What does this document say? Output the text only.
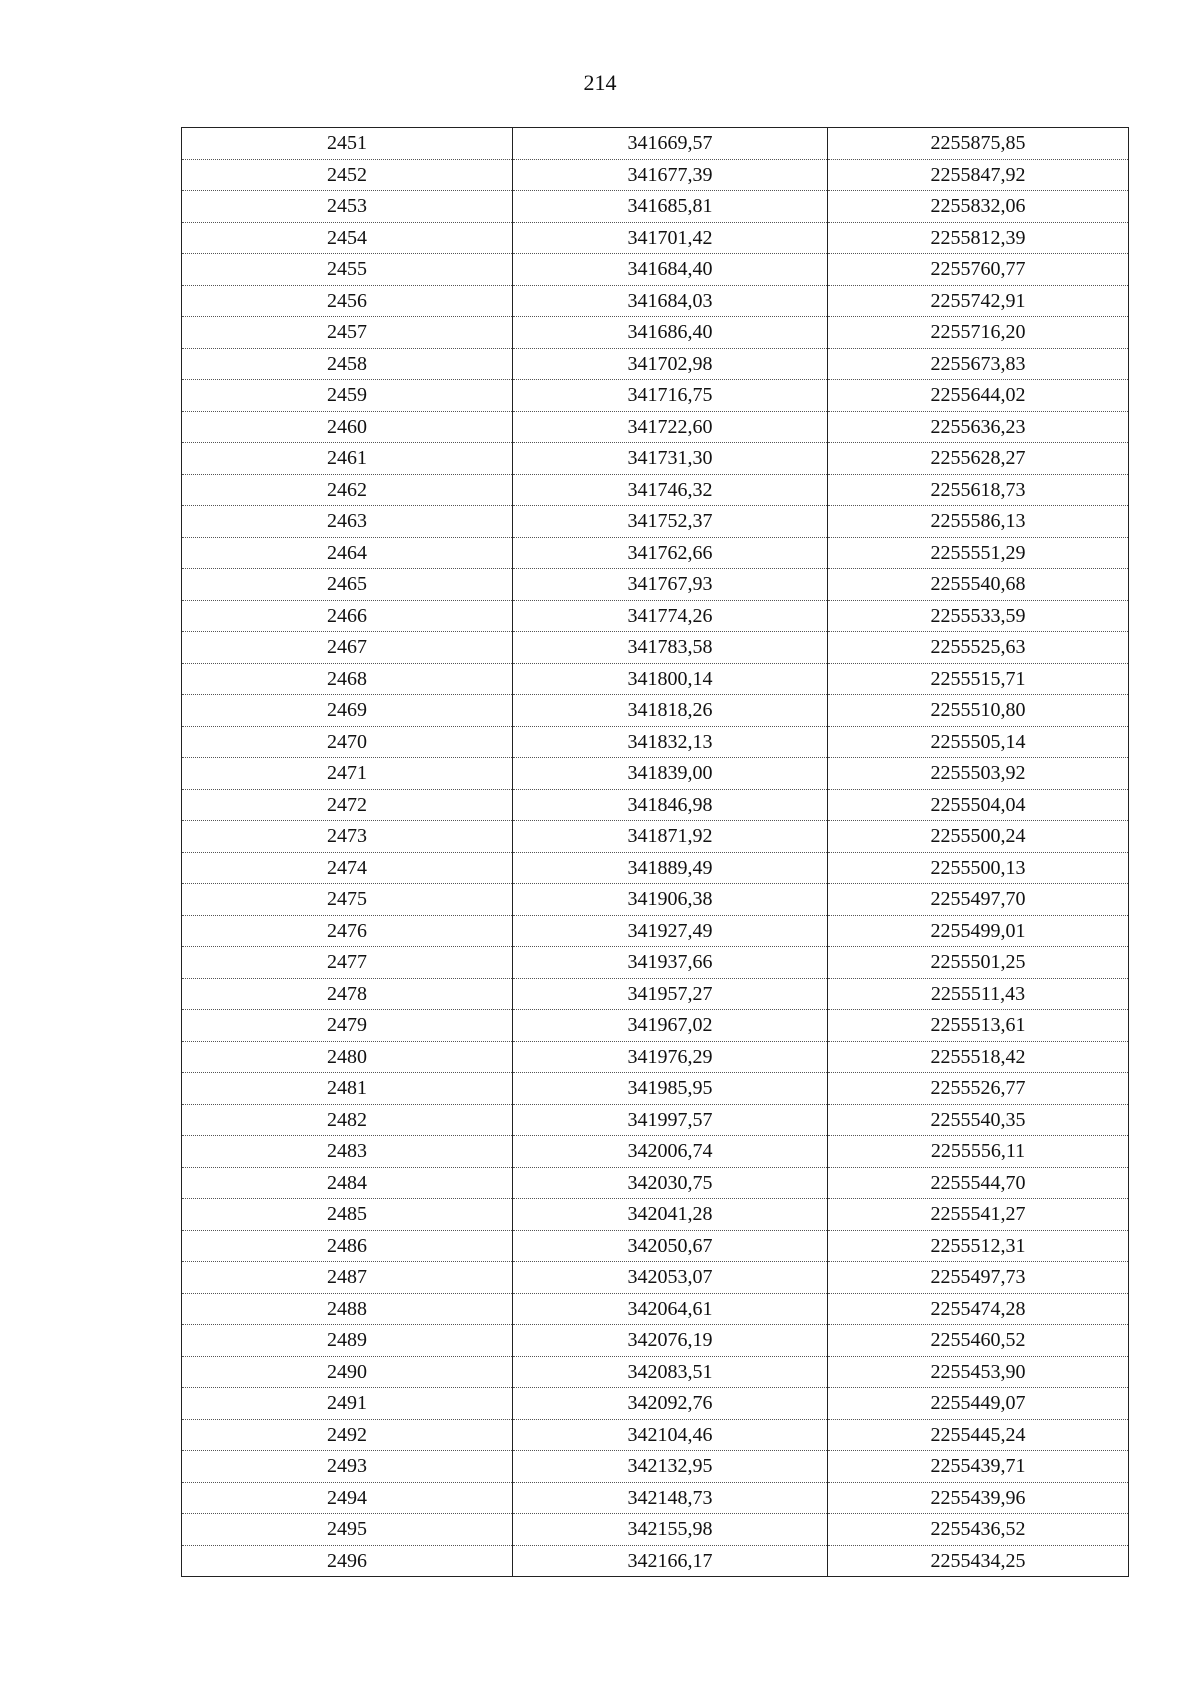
214
2451	341669,57	2255875,85
2452	341677,39	2255847,92
2453	341685,81	2255832,06
2454	341701,42	2255812,39
2455	341684,40	2255760,77
2456	341684,03	2255742,91
2457	341686,40	2255716,20
2458	341702,98	2255673,83
2459	341716,75	2255644,02
2460	341722,60	2255636,23
2461	341731,30	2255628,27
2462	341746,32	2255618,73
2463	341752,37	2255586,13
2464	341762,66	2255551,29
2465	341767,93	2255540,68
2466	341774,26	2255533,59
2467	341783,58	2255525,63
2468	341800,14	2255515,71
2469	341818,26	2255510,80
2470	341832,13	2255505,14
2471	341839,00	2255503,92
2472	341846,98	2255504,04
2473	341871,92	2255500,24
2474	341889,49	2255500,13
2475	341906,38	2255497,70
2476	341927,49	2255499,01
2477	341937,66	2255501,25
2478	341957,27	2255511,43
2479	341967,02	2255513,61
2480	341976,29	2255518,42
2481	341985,95	2255526,77
2482	341997,57	2255540,35
2483	342006,74	2255556,11
2484	342030,75	2255544,70
2485	342041,28	2255541,27
2486	342050,67	2255512,31
2487	342053,07	2255497,73
2488	342064,61	2255474,28
2489	342076,19	2255460,52
2490	342083,51	2255453,90
2491	342092,76	2255449,07
2492	342104,46	2255445,24
2493	342132,95	2255439,71
2494	342148,73	2255439,96
2495	342155,98	2255436,52
2496	342166,17	2255434,25
